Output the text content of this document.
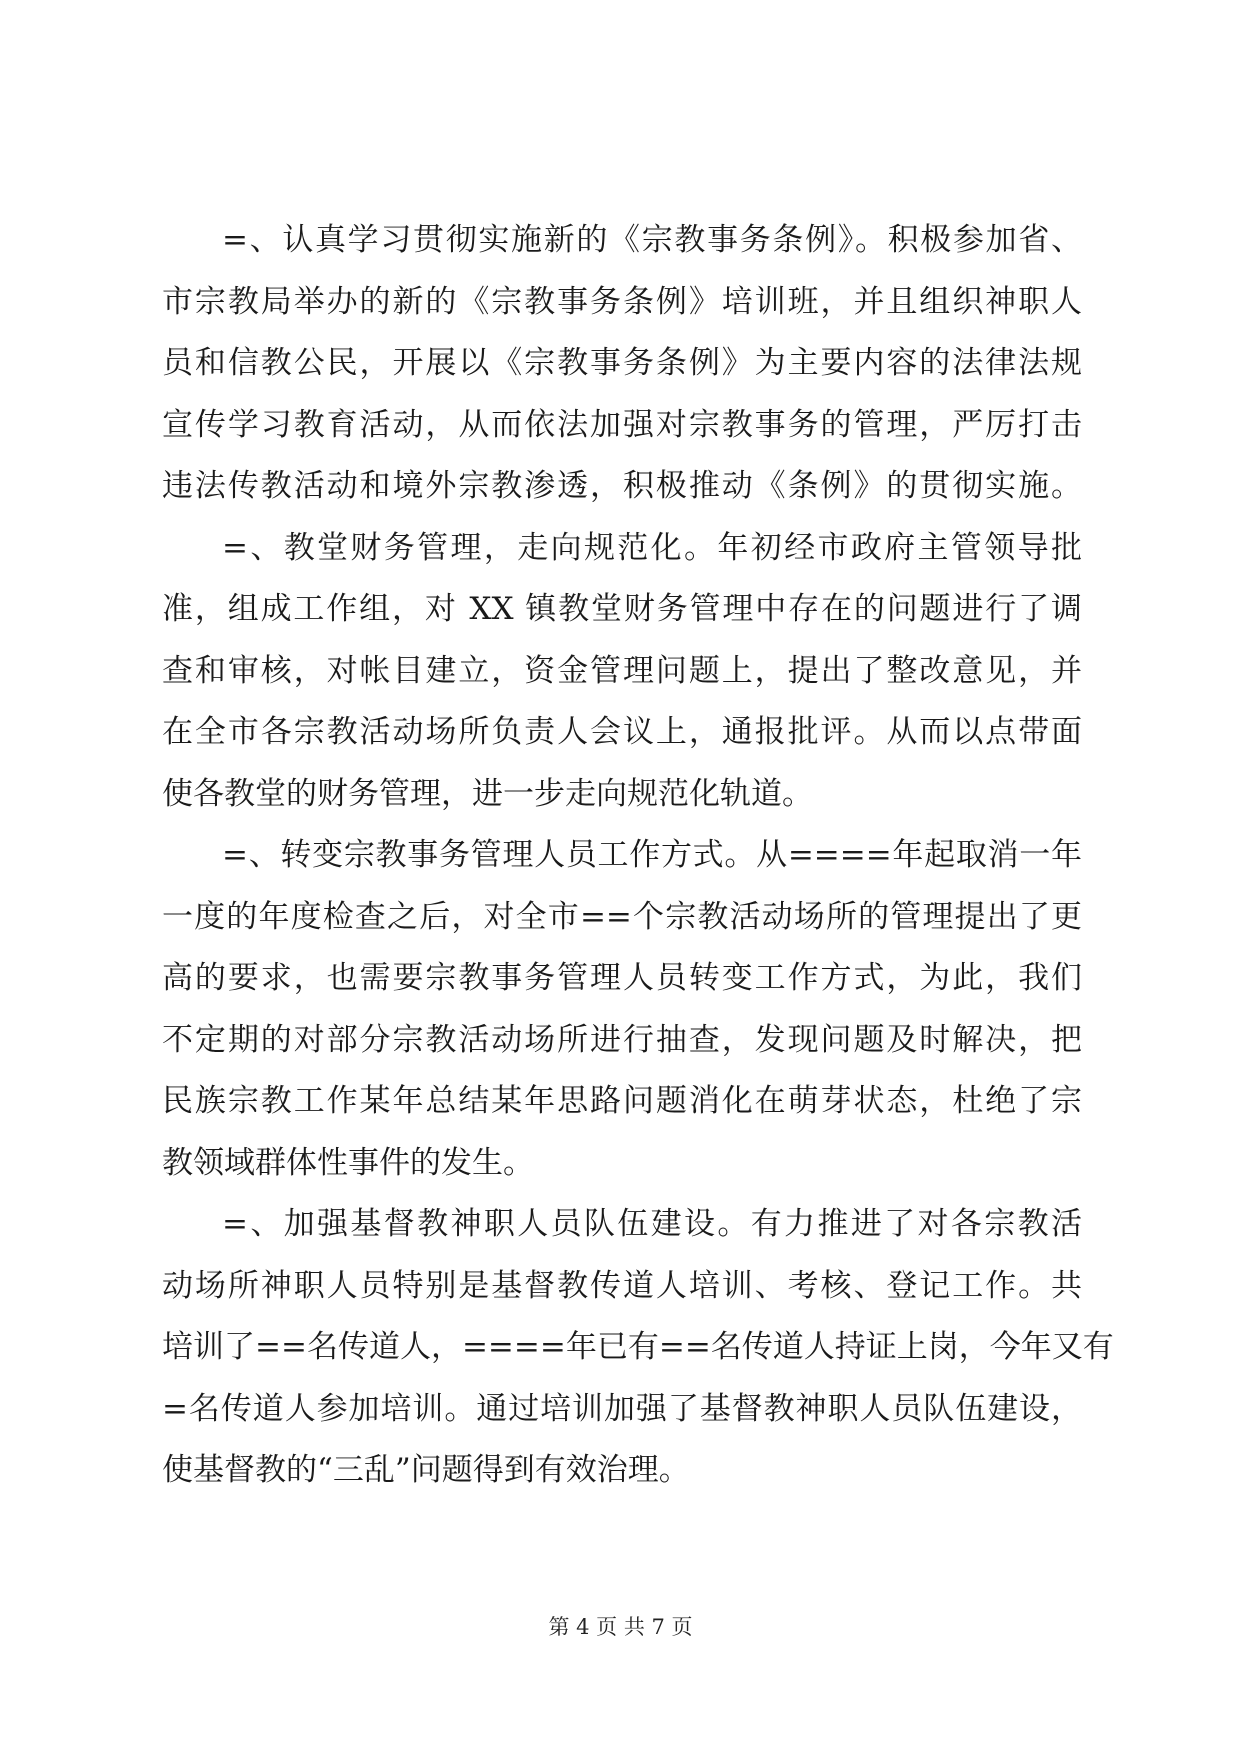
=、认真学习贯彻实施新的《宗教事务条例》。积极参加省、
市宗教局举办的新的《宗教事务条例》培训班，并且组织神职人
员和信教公民，开展以《宗教事务条例》为主要内容的法律法规
宣传学习教育活动，从而依法加强对宗教事务的管理，严厉打击
违法传教活动和境外宗教渗透，积极推动《条例》的贯彻实施。
=、教堂财务管理，走向规范化。年初经市政府主管领导批
准，组成工作组，对 XX 镇教堂财务管理中存在的问题进行了调
查和审核，对帐目建立，资金管理问题上，提出了整改意见，并
在全市各宗教活动场所负责人会议上，通报批评。从而以点带面
使各教堂的财务管理，进一步走向规范化轨道。
=、转变宗教事务管理人员工作方式。从====年起取消一年
一度的年度检查之后，对全市==个宗教活动场所的管理提出了更
高的要求，也需要宗教事务管理人员转变工作方式，为此，我们
不定期的对部分宗教活动场所进行抽查，发现问题及时解决，把
民族宗教工作某年总结某年思路问题消化在萌芽状态，杜绝了宗
教领域群体性事件的发生。
=、加强基督教神职人员队伍建设。有力推进了对各宗教活
动场所神职人员特别是基督教传道人培训、考核、登记工作。共
培训了==名传道人，====年已有==名传道人持证上岗，今年又有
=名传道人参加培训。通过培训加强了基督教神职人员队伍建设，
使基督教的“三乱”问题得到有效治理。
第 4 页 共 7 页
